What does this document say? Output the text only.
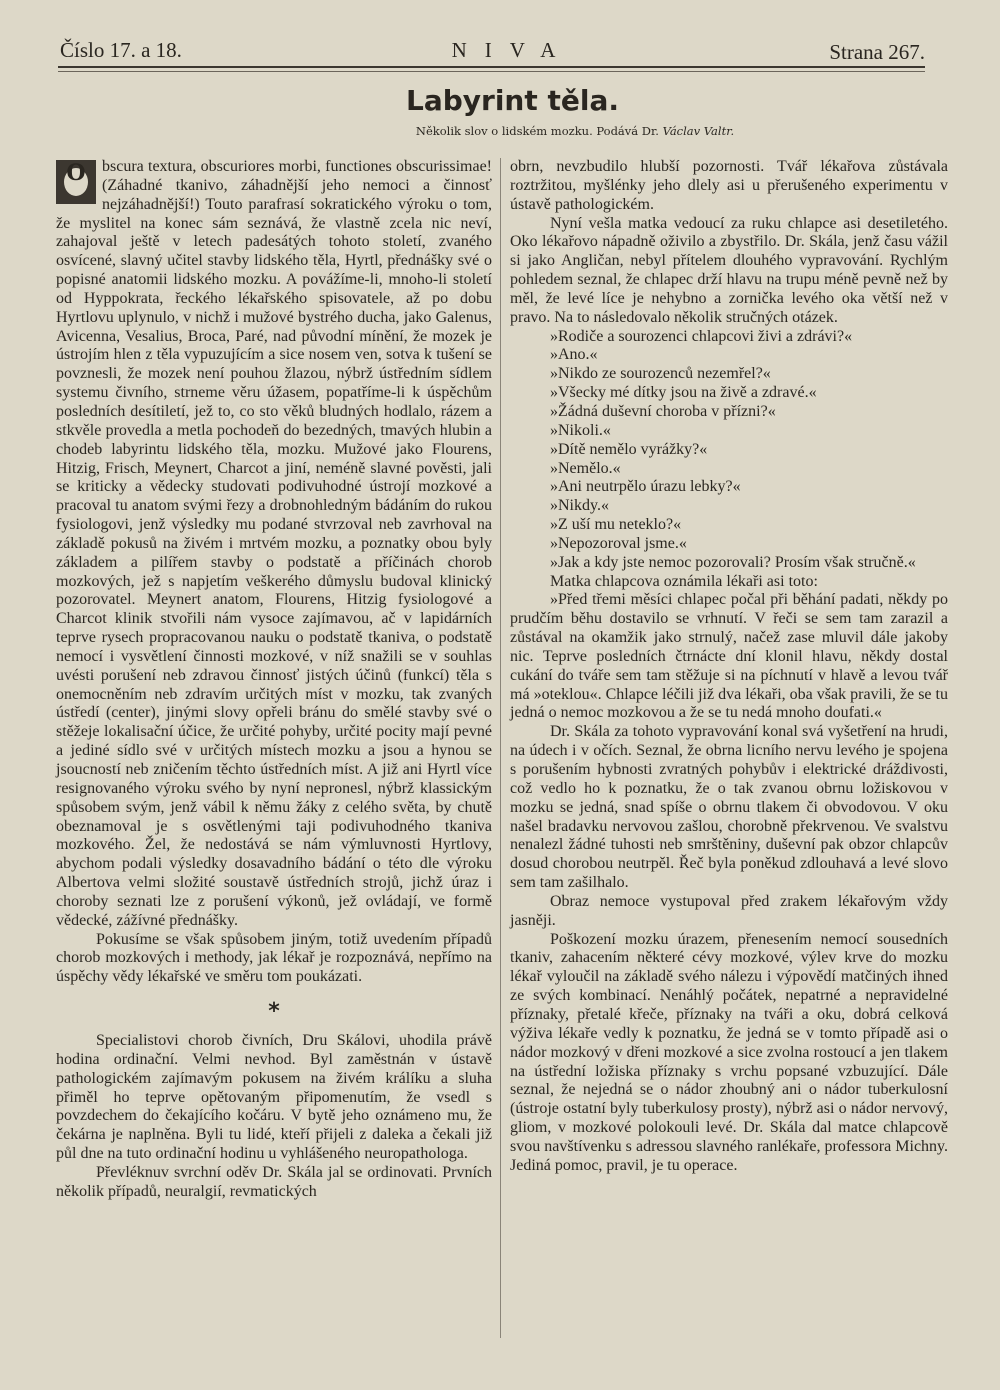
Číslo 17. a 18.	NIVA	Strana 267.
Labyrint těla.
Několik slov o lidském mozku. Podává Dr. Václav Valtr.

O	bscura textura, obscuriores morbi, functiones obscurissimae! (Záhadné tkanivo, záhadnější jeho nemoci a činnosť nejzáhadnější!) Touto parafrasí sokratického výroku o tom, že myslitel na konec sám seznává, že vlastně zcela nic neví, zahajoval ještě v letech padesátých tohoto století, zvaného osvícené, slavný učitel stavby lidského těla, Hyrtl, přednášky své o popisné anatomii lidského mozku. A povážíme-li, mnoho-li století od Hyppokrata, řeckého lékařského spisovatele, až po dobu Hyrtlovu uplynulo, v nichž i mužové bystrého ducha, jako Galenus, Avicenna, Vesalius, Broca, Paré, nad původní mínění, že mozek je ústrojím hlen z těla vypuzujícím a sice nosem ven, sotva k tušení se povznesli, že mozek není pouhou žlazou, nýbrž ústředním sídlem systemu čivního, strneme věru úžasem, popatříme-li k úspěchům posledních desítiletí, jež to, co sto věků bludných hodlalo, rázem a stkvěle provedla a metla pochodeň do bezedných, tmavých hlubin a chodeb labyrintu lidského těla, mozku. Mužové jako Flourens, Hitzig, Frisch, Meynert, Charcot a jiní, neméně slavné pověsti, jali se kriticky a vědecky studovati podivuhodné ústrojí mozkové a pracoval tu anatom svými řezy a drobnohledným bádáním do rukou fysiologovi, jenž výsledky mu podané stvrzoval neb zavrhoval na základě pokusů na živém i mrtvém mozku, a poznatky obou byly základem a pilířem stavby o podstatě a příčinách chorob mozkových, jež s napjetím veškerého důmyslu budoval klinický pozorovatel. Meynert anatom, Flourens, Hitzig fysiologové a Charcot klinik stvořili nám vysoce zajímavou, ač v lapidárních teprve rysech propracovanou nauku o podstatě tkaniva, o podstatě nemocí i vysvětlení činnosti mozkové, v níž snažili se v souhlas uvésti porušení neb zdravou činnosť jistých účinů (funkcí) těla s onemocněním neb zdravím určitých míst v mozku, tak zvaných ústředí (center), jinými slovy opřeli bránu do smělé stavby své o stěžeje lokalisační účice, že určité pohyby, určité pocity mají pevné a jediné sídlo své v určitých místech mozku a jsou a hynou se jsoucností neb zničením těchto ústředních míst. A již ani Hyrtl více resignovaného výroku svého by nyní nepronesl, nýbrž klassickým spůsobem svým, jenž vábil k němu žáky z celého světa, by chutě obeznamoval je s osvětlenými taji podivuhodného tkaniva mozkového. Žel, že nedostává se nám výmluvnosti Hyrtlovy, abychom podali výsledky dosavadního bádání o této dle výroku Albertova velmi složité soustavě ústředních strojů, jichž úraz i choroby seznati lze z porušení výkonů, jež ovládají, ve formě vědecké, zážívné přednášky.

Pokusíme se však spůsobem jiným, totiž uvedením případů chorob mozkových i methody, jak lékař je rozpoznává, nepřímo na úspěchy vědy lékařské ve směru tom poukázati.

*

Specialistovi chorob čivních, Dru Skálovi, uhodila právě hodina ordinační. Velmi nevhod. Byl zaměstnán v ústavě pathologickém zajímavým pokusem na živém králíku a sluha přiměl ho teprve opětovaným připomenutím, že vsedl s povzdechem do čekajícího kočáru. V bytě jeho oznámeno mu, že čekárna je naplněna. Byli tu lidé, kteří přijeli z daleka a čekali již půl dne na tuto ordinační hodinu u vyhlášeného neuropathologa.

Převléknuv svrchní oděv Dr. Skála jal se ordinovati. Prvních několik případů, neuralgií, revmatických

obrn, nevzbudilo hlubší pozornosti. Tvář lékařova zůstávala roztržitou, myšlénky jeho dlely asi u přerušeného experimentu v ústavě pathologickém.

Nyní vešla matka vedoucí za ruku chlapce asi desetiletého. Oko lékařovo nápadně oživilo a zbystřilo. Dr. Skála, jenž času vážil si jako Angličan, nebyl přítelem dlouhého vypravování. Rychlým pohledem seznal, že chlapec drží hlavu na trupu méně pevně než by měl, že levé líce je nehybno a zornička levého oka větší než v pravo. Na to následovalo několik stručných otázek.

»Rodiče a sourozenci chlapcovi živi a zdrávi?«

»Ano.«

»Nikdo ze sourozenců nezemřel?«

»Všecky mé dítky jsou na živě a zdravé.«

»Žádná duševní choroba v příznі?«

»Nikoli.«

»Dítě nemělo vyrážky?«

»Nemělo.«

»Ani neutrpělo úrazu lebky?«

»Nikdy.«

»Z uší mu neteklo?«

»Nepozoroval jsme.«

»Jak a kdy jste nemoc pozorovali? Prosím však stručně.«

Matka chlapcova oznámila lékaři asi toto:

»Před třemi měsíci chlapec počal při běhání padati, někdy po prudčím běhu dostavilo se vrhnutí. V řeči se sem tam zarazil a zůstával na okamžik jako strnulý, načež zase mluvil dále jakoby nic. Teprve posledních čtrnácte dní klonil hlavu, někdy dostal cukání do tváře sem tam stěžuje si na píchnutí v hlavě a levou tvář má »oteklou«. Chlapce léčili již dva lékaři, oba však pravili, že se tu jedná o nemoc mozkovou a že se tu nedá mnoho doufati.«

Dr. Skála za tohoto vypravování konal svá vyšetření na hrudi, na údech i v očích. Seznal, že obrna licního nervu levého je spojena s porušením hybnosti zvratných pohybův i elektrické dráždivosti, což vedlo ho k poznatku, že o tak zvanou obrnu ložiskovou v mozku se jedná, snad spíše o obrnu tlakem či obvodovou. V oku našel bradavku nervovou zašlou, chorobně překrvenou. Ve svalstvu nenalezl žádné tuhosti neb smrštěniny, duševní pak obzor chlapcův dosud chorobou neutrpěl. Řeč byla poněkud zdlouhavá a levé slovo sem tam zašilhalo.

Obraz nemoce vystupoval před zrakem lékařovým vždy jasněji.

Poškození mozku úrazem, přenesením nemocí sousedních tkaniv, zahacením některé cévy mozkové, výlev krve do mozku lékař vyloučil na základě svého nálezu i výpovědí matčiných ihned ze svých kombinací. Nenáhlý počátek, nepatrné a nepravidelné příznaky, přetalé křeče, příznaky na tváři a oku, dobrá celková výživa lékaře vedly k poznatku, že jedná se v tomto případě asi o nádor mozkový v dřeni mozkové a sice zvolna rostoucí a jen tlakem na ústřední ložiska příznaky s vrchu popsané vzbuzující. Dále seznal, že nejedná se o nádor zhoubný ani o nádor tuberkulosní (ústrojе ostatní byly tuberkulosy prosty), nýbrž asi o nádor nervový, gliom, v mozkové polokouli levé. Dr. Skála dal matce chlapcově svou navštívenku s adressou slavného ranlékaře, professora Michny. Jediná pomoc, pravil, je tu operace.
